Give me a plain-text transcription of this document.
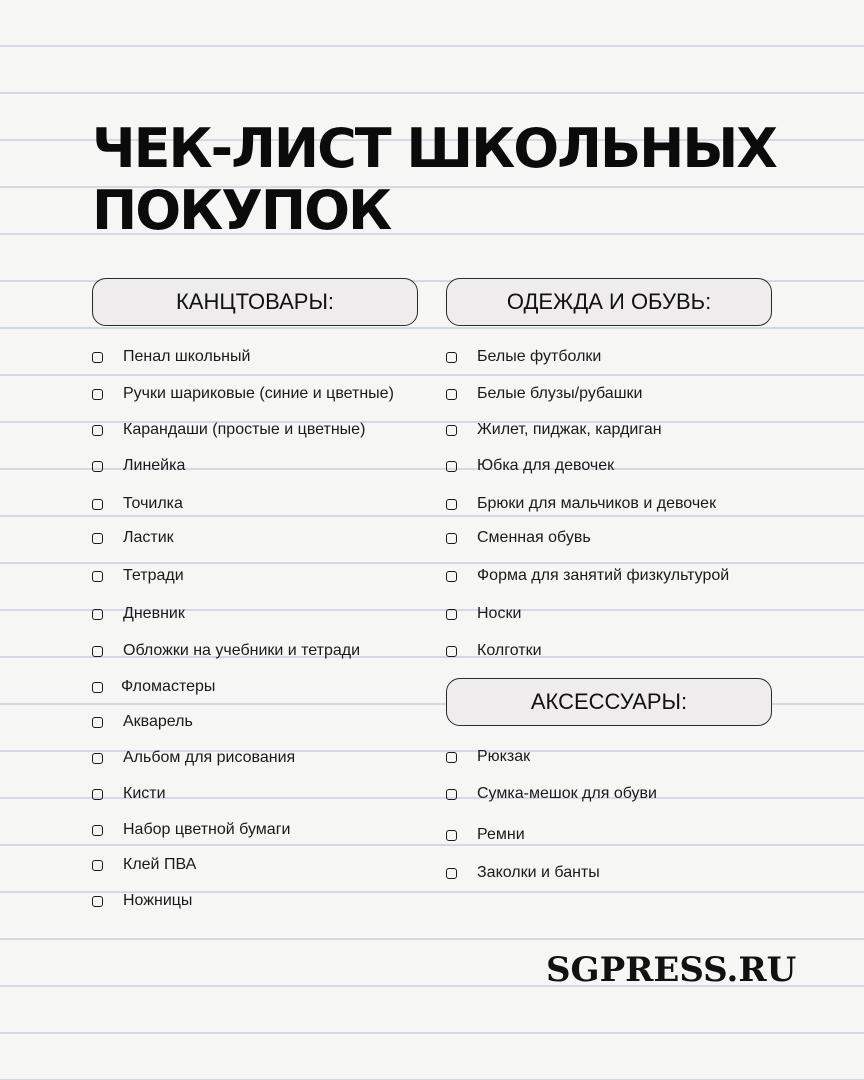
ЧЕК-ЛИСТ ШКОЛЬНЫХ
ПОКУПОК
КАНЦТОВАРЫ:	ОДЕЖДА И ОБУВЬ:
АКСЕССУАРЫ:
Пенал школьный
Ручки шариковые (синие и цветные)
Карандаши (простые и цветные)
Линейка
Точилка
Ластик
Тетради
Дневник
Обложки на учебники и тетради
Фломастеры
Акварель
Альбом для рисования
Кисти
Набор цветной бумаги
Клей ПВА
Ножницы
Белые футболки
Белые блузы/рубашки
Жилет, пиджак, кардиган
Юбка для девочек
Брюки для мальчиков и девочек
Сменная обувь
Форма для занятий физкультурой
Носки
Колготки
Рюкзак
Сумка-мешок для обуви
Ремни
Заколки и банты
SGPRESS.RU
